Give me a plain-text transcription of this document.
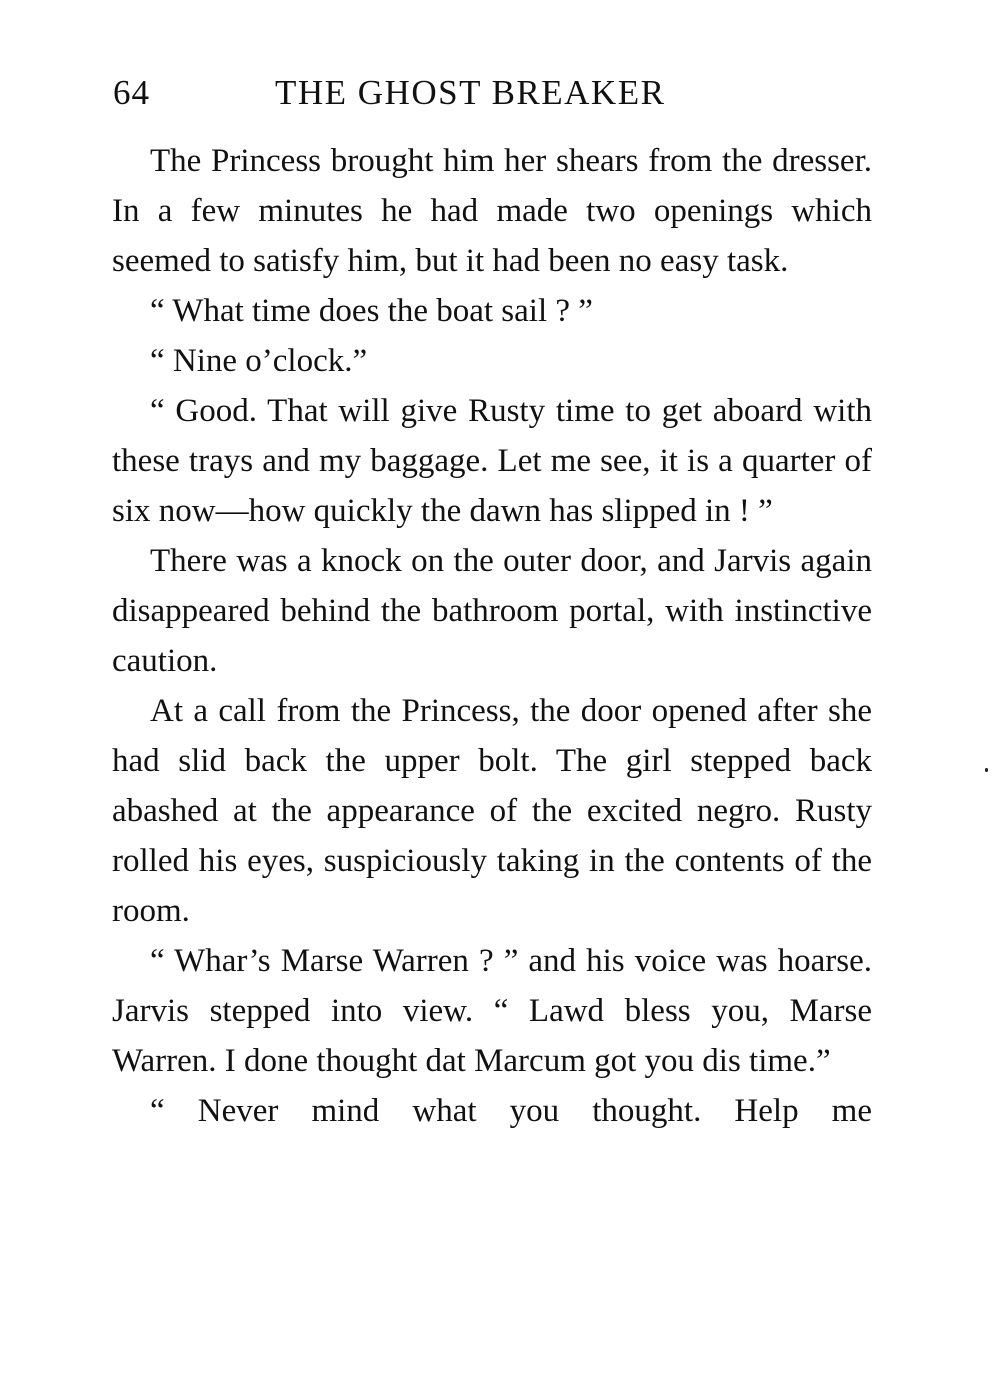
64	THE GHOST BREAKER

The Princess brought him her shears from the dresser. In a few minutes he had made two openings which seemed to satisfy him, but it had been no easy task.

“ What time does the boat sail ? ”

“ Nine o’clock.”

“ Good. That will give Rusty time to get aboard with these trays and my baggage. Let me see, it is a quarter of six now—how quickly the dawn has slipped in ! ”

There was a knock on the outer door, and Jarvis again disappeared behind the bathroom portal, with instinctive caution.

At a call from the Princess, the door opened after she had slid back the upper bolt. The girl stepped back abashed at the appearance of the excited negro. Rusty rolled his eyes, suspiciously taking in the contents of the room.

“ Whar’s Marse Warren ? ” and his voice was hoarse. Jarvis stepped into view. “ Lawd bless you, Marse Warren. I done thought dat Marcum got you dis time.”

“ Never mind what you thought. Help me
